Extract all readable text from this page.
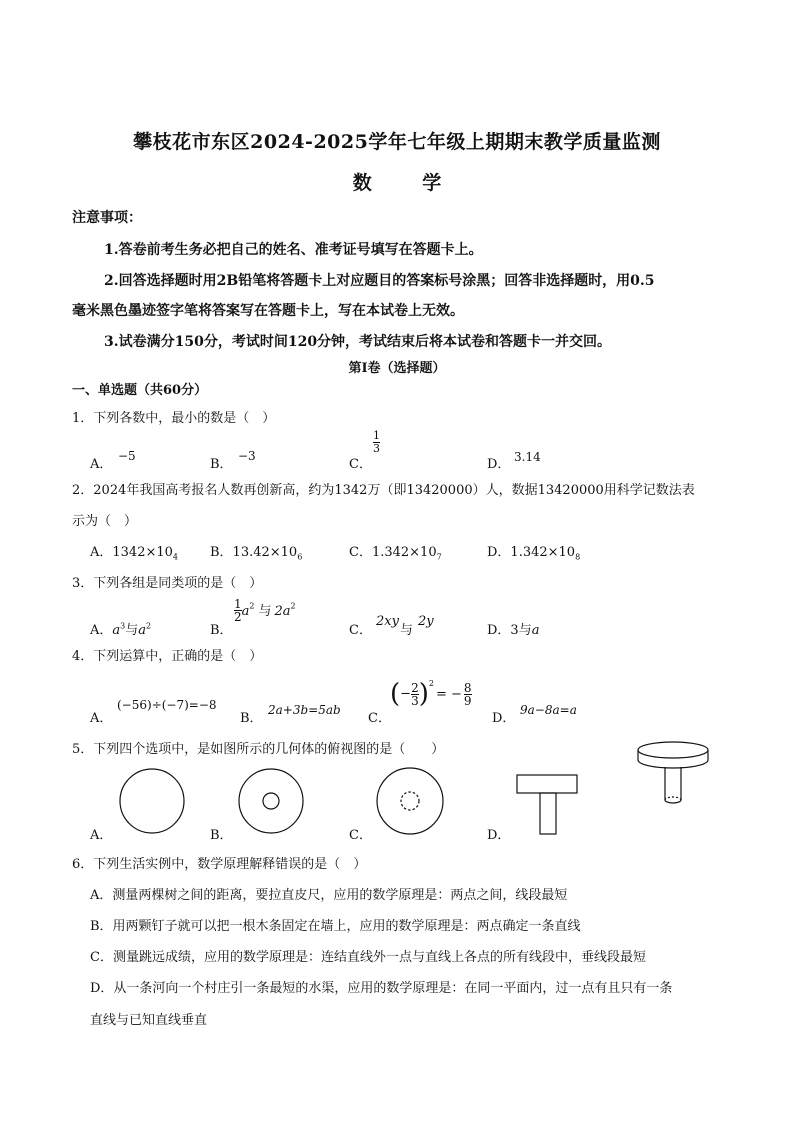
攀枝花市东区2024-2025学年七年级上期期末教学质量监测
数 学
注意事项：
1.答卷前考生务必把自己的姓名、准考证号填写在答题卡上。
2.回答选择题时用2B铅笔将答题卡上对应题目的答案标号涂黑；回答非选择题时，用0.5
毫米黑色墨迹签字笔将答案写在答题卡上，写在本试卷上无效。
3.试卷满分150分，考试时间120分钟，考试结束后将本试卷和答题卡一并交回。
第Ⅰ卷（选择题）
一、单选题（共60分）
1．下列各数中，最小的数是（　）
A．
−5
B．
−3
C．
$\frac{1}{3}$
D． 3.14
2．2024年我国高考报名人数再创新高，约为1342万（即13420000）人，数据13420000用科学记数法表
示为（　）
A．$1342\times 10_4$ B．$13.42\times 10_6$	C．$1.342\times 10_7$	D．$1.342\times 10_8$
3．下列各组是同类项的是（　）
A．$a^3$与$a^2$	B．
$\frac{1}{2} a^2$ 与 $2a^2$
C．
2xy
与
2y
D．3与a
4．下列运算中，正确的是（　）
A．
(−56)÷(−7)=−8
B．
2a+3b=5ab
C．
(− $\frac{2}{3} )^2= - \frac{8}{9}$
D．
9a−8a=a
5．下列四个选项中，是如图所示的几何体的俯视图的是（　　）
A．	B．	C．	D．
6．下列生活实例中，数学原理解释错误的是（　）
A．测量两棵树之间的距离，要拉直皮尺，应用的数学原理是：两点之间，线段最短
B．用两颗钉子就可以把一根木条固定在墙上，应用的数学原理是：两点确定一条直线
C．测量跳远成绩，应用的数学原理是：连结直线外一点与直线上各点的所有线段中，垂线段最短
D．从一条河向一个村庄引一条最短的水渠，应用的数学原理是：在同一平面内，过一点有且只有一条
直线与已知直线垂直
